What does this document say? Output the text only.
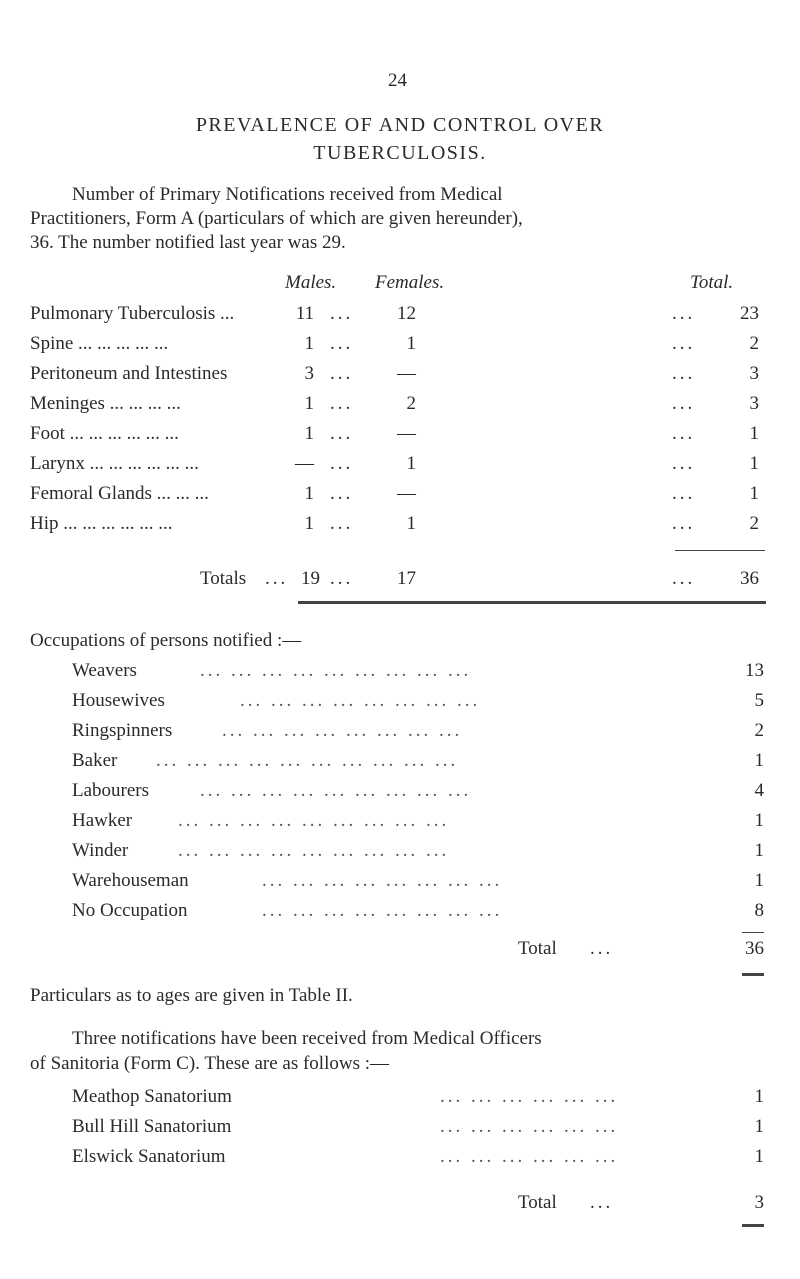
24
PREVALENCE OF AND CONTROL OVER
TUBERCULOSIS.
Number of Primary Notifications received from Medical
Practitioners, Form A (particulars of which are given hereunder),
36. The number notified last year was 29.
Males. Females.	Total.
Pulmonary Tuberculosis ...	11 ...	12	...	23
Spine ... ... ... ... ...	1 ...	1	...	2
Peritoneum and Intestines	3 ...	—	...	3
Meninges ... ... ... ...	1 ...	2	...	3
Foot ... ... ... ... ... ...	1 ...	—	...	1
Larynx ... ... ... ... ... ...	— ...	1	...	1
Femoral Glands ... ... ...	1 ...	—	...	1
Hip ... ... ... ... ... ...	1 ...	1	...	2
Totals ... 19 ...	17	...	36
Occupations of persons notified :—
Weavers	13
Housewives	5
Ringspinners	2
Baker	1
Labourers	4
Hawker	1
Winder	1
Warehouseman	1
No Occupation	8
... ... ... ... ... ... ... ... ...
... ... ... ... ... ... ... ...
... ... ... ... ... ... ... ...
... ... ... ... ... ... ... ... ... ...
... ... ... ... ... ... ... ... ...
... ... ... ... ... ... ... ... ...
... ... ... ... ... ... ... ... ...
... ... ... ... ... ... ... ...
... ... ... ... ... ... ... ...
Total ...	36
Particulars as to ages are given in Table II.
Three notifications have been received from Medical Officers
of Sanitoria (Form C). These are as follows :—
Meathop Sanatorium	... ... ... ... ... ...	1
Bull Hill Sanatorium	... ... ... ... ... ...	1
Elswick Sanatorium	... ... ... ... ... ...	1
Total ...	3
